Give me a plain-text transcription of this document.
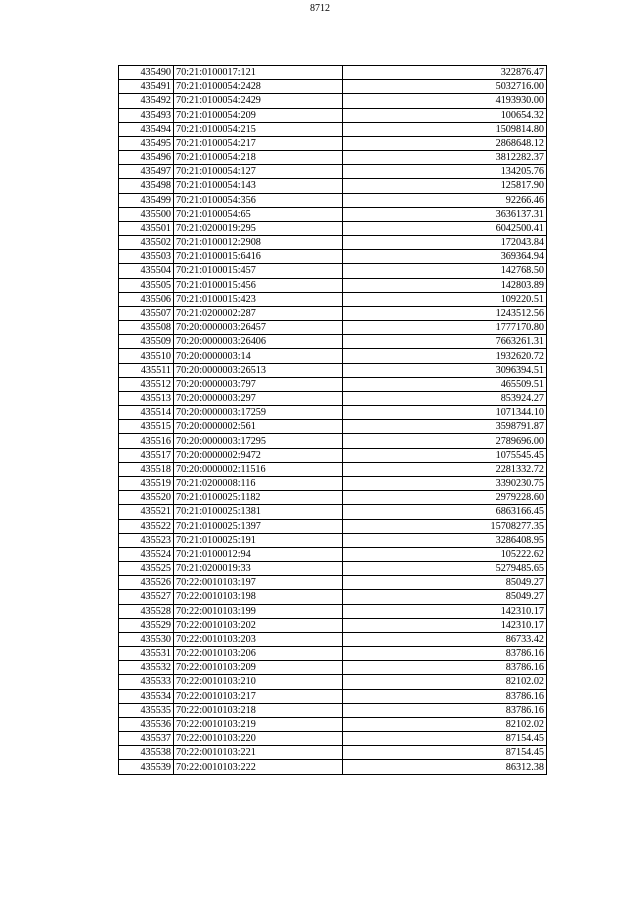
8712
435490	70:21:0100017:121	322876.47
435491	70:21:0100054:2428	5032716.00
435492	70:21:0100054:2429	4193930.00
435493	70:21:0100054:209	100654.32
435494	70:21:0100054:215	1509814.80
435495	70:21:0100054:217	2868648.12
435496	70:21:0100054:218	3812282.37
435497	70:21:0100054:127	134205.76
435498	70:21:0100054:143	125817.90
435499	70:21:0100054:356	92266.46
435500	70:21:0100054:65	3636137.31
435501	70:21:0200019:295	6042500.41
435502	70:21:0100012:2908	172043.84
435503	70:21:0100015:6416	369364.94
435504	70:21:0100015:457	142768.50
435505	70:21:0100015:456	142803.89
435506	70:21:0100015:423	109220.51
435507	70:21:0200002:287	1243512.56
435508	70:20:0000003:26457	1777170.80
435509	70:20:0000003:26406	7663261.31
435510	70:20:0000003:14	1932620.72
435511	70:20:0000003:26513	3096394.51
435512	70:20:0000003:797	465509.51
435513	70:20:0000003:297	853924.27
435514	70:20:0000003:17259	1071344.10
435515	70:20:0000002:561	3598791.87
435516	70:20:0000003:17295	2789696.00
435517	70:20:0000002:9472	1075545.45
435518	70:20:0000002:11516	2281332.72
435519	70:21:0200008:116	3390230.75
435520	70:21:0100025:1182	2979228.60
435521	70:21:0100025:1381	6863166.45
435522	70:21:0100025:1397	15708277.35
435523	70:21:0100025:191	3286408.95
435524	70:21:0100012:94	105222.62
435525	70:21:0200019:33	5279485.65
435526	70:22:0010103:197	85049.27
435527	70:22:0010103:198	85049.27
435528	70:22:0010103:199	142310.17
435529	70:22:0010103:202	142310.17
435530	70:22:0010103:203	86733.42
435531	70:22:0010103:206	83786.16
435532	70:22:0010103:209	83786.16
435533	70:22:0010103:210	82102.02
435534	70:22:0010103:217	83786.16
435535	70:22:0010103:218	83786.16
435536	70:22:0010103:219	82102.02
435537	70:22:0010103:220	87154.45
435538	70:22:0010103:221	87154.45
435539	70:22:0010103:222	86312.38
